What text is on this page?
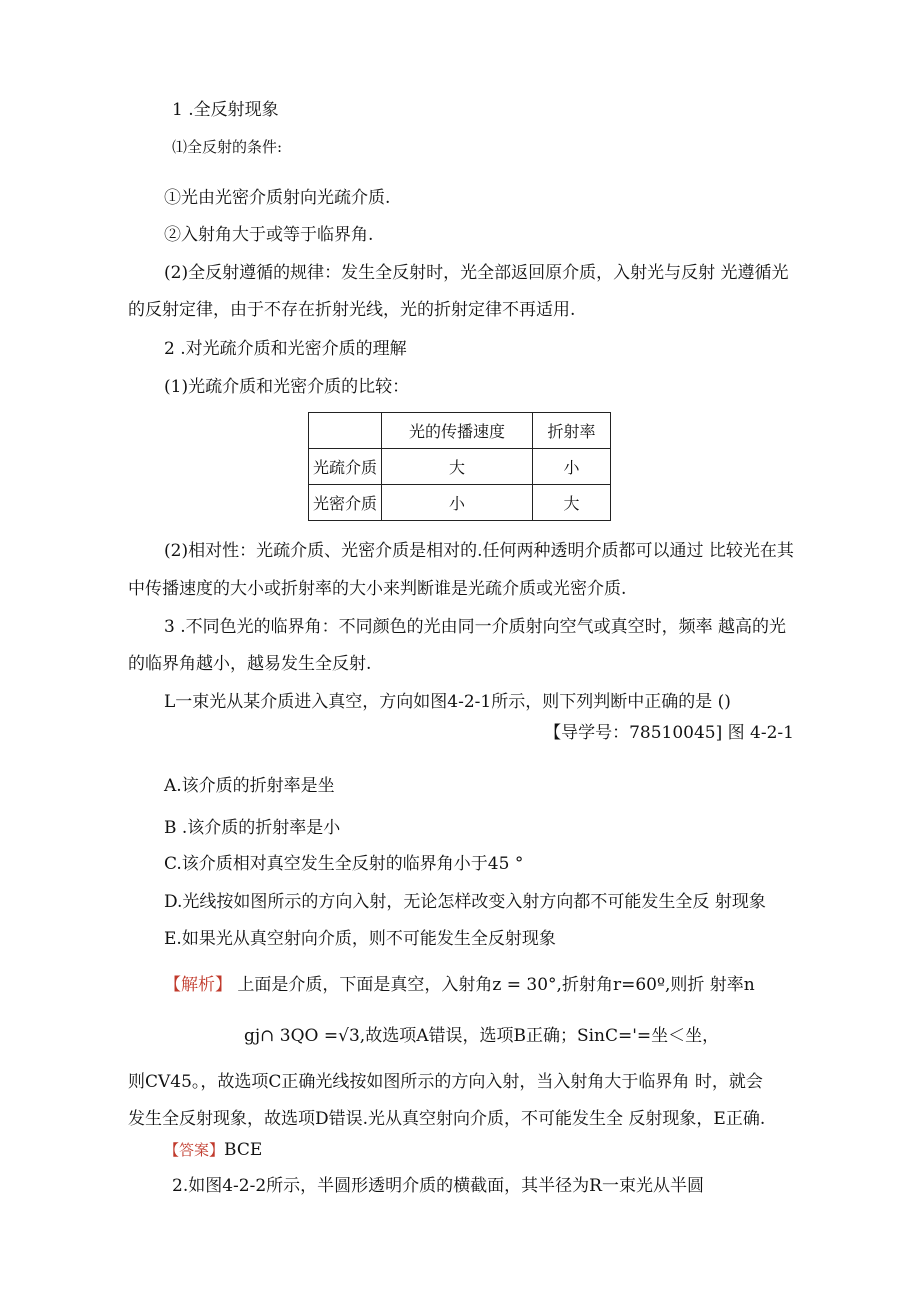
1 .全反射现象
⑴全反射的条件:
①光由光密介质射向光疏介质.
②入射角大于或等于临界角.
(2)全反射遵循的规律：发生全反射时，光全部返回原介质，入射光与反射 光遵循光
的反射定律，由于不存在折射光线，光的折射定律不再适用.
2 .对光疏介质和光密介质的理解
(1)光疏介质和光密介质的比较：
	光的传播速度	折射率
光疏介质	大	小
光密介质	小	大
(2)相对性：光疏介质、光密介质是相对的.任何两种透明介质都可以通过 比较光在其
中传播速度的大小或折射率的大小来判断谁是光疏介质或光密介质.
3 .不同色光的临界角：不同颜色的光由同一介质射向空气或真空时，频率 越高的光
的临界角越小，越易发生全反射.
L一束光从某介质进入真空，方向如图4-2-1所示，则下列判断中正确的是 ()
【导学号：78510045] 图 4-2-1
A.该介质的折射率是坐
B .该介质的折射率是小
C.该介质相对真空发生全反射的临界角小于45 °
D.光线按如图所示的方向入射，无论怎样改变入射方向都不可能发生全反 射现象
E.如果光从真空射向介质，则不可能发生全反射现象
【解析】 上面是介质，下面是真空，入射角z = 30°,折射角r=60º,则折 射率n
gj∩ 3QO =√3,故选项A错误，选项B正确；SinC='=坐＜坐，
则CV45。，故选项C正确光线按如图所示的方向入射，当入射角大于临界角 时，就会
发生全反射现象，故选项D错误.光从真空射向介质，不可能发生全 反射现象，E正确.
【答案】BCE
2.如图4-2-2所示，半圆形透明介质的横截面，其半径为R一束光从半圆
